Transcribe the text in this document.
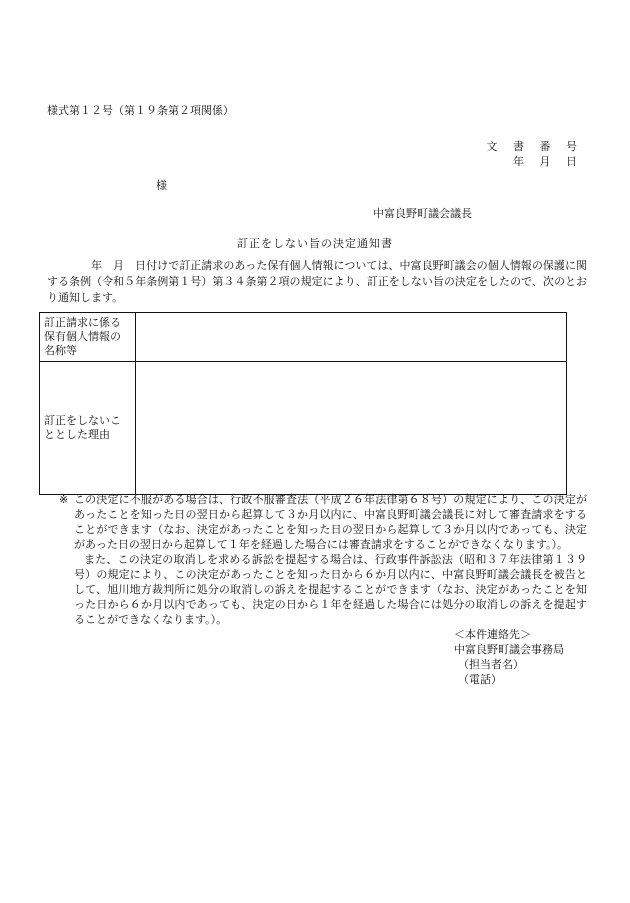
様式第１２号（第１９条第２項関係）
文 書 番 号
年 月 日
様
中富良野町議会議長
訂正をしない旨の決定通知書
年　月　日付けで訂正請求のあった保有個人情報については、中富良野町議会の個人情報の保護に関する条例（令和５年条例第１号）第３４条第２項の規定により、訂正をしない旨の決定をしたので、次のとおり通知します。
訂正請求に係る保有個人情報の名称等	
訂正をしないこととした理由	
※ この決定に不服がある場合は、行政不服審査法（平成２６年法律第６８号）の規定により、この決定があったことを知った日の翌日から起算して３か月以内に、中富良野町議会議長に対して審査請求をすることができます（なお、決定があったことを知った日の翌日から起算して３か月以内であっても、決定があった日の翌日から起算して１年を経過した場合には審査請求をすることができなくなります。）。
また、この決定の取消しを求める訴訟を提起する場合は、行政事件訴訟法（昭和３７年法律第１３９号）の規定により、この決定があったことを知った日から６か月以内に、中富良野町議会議長を被告として、旭川地方裁判所に処分の取消しの訴えを提起することができます（なお、決定があったことを知った日から６か月以内であっても、決定の日から１年を経過した場合には処分の取消しの訴えを提起することができなくなります。）。
＜本件連絡先＞
中富良野町議会事務局
（担当者名）
（電話）
